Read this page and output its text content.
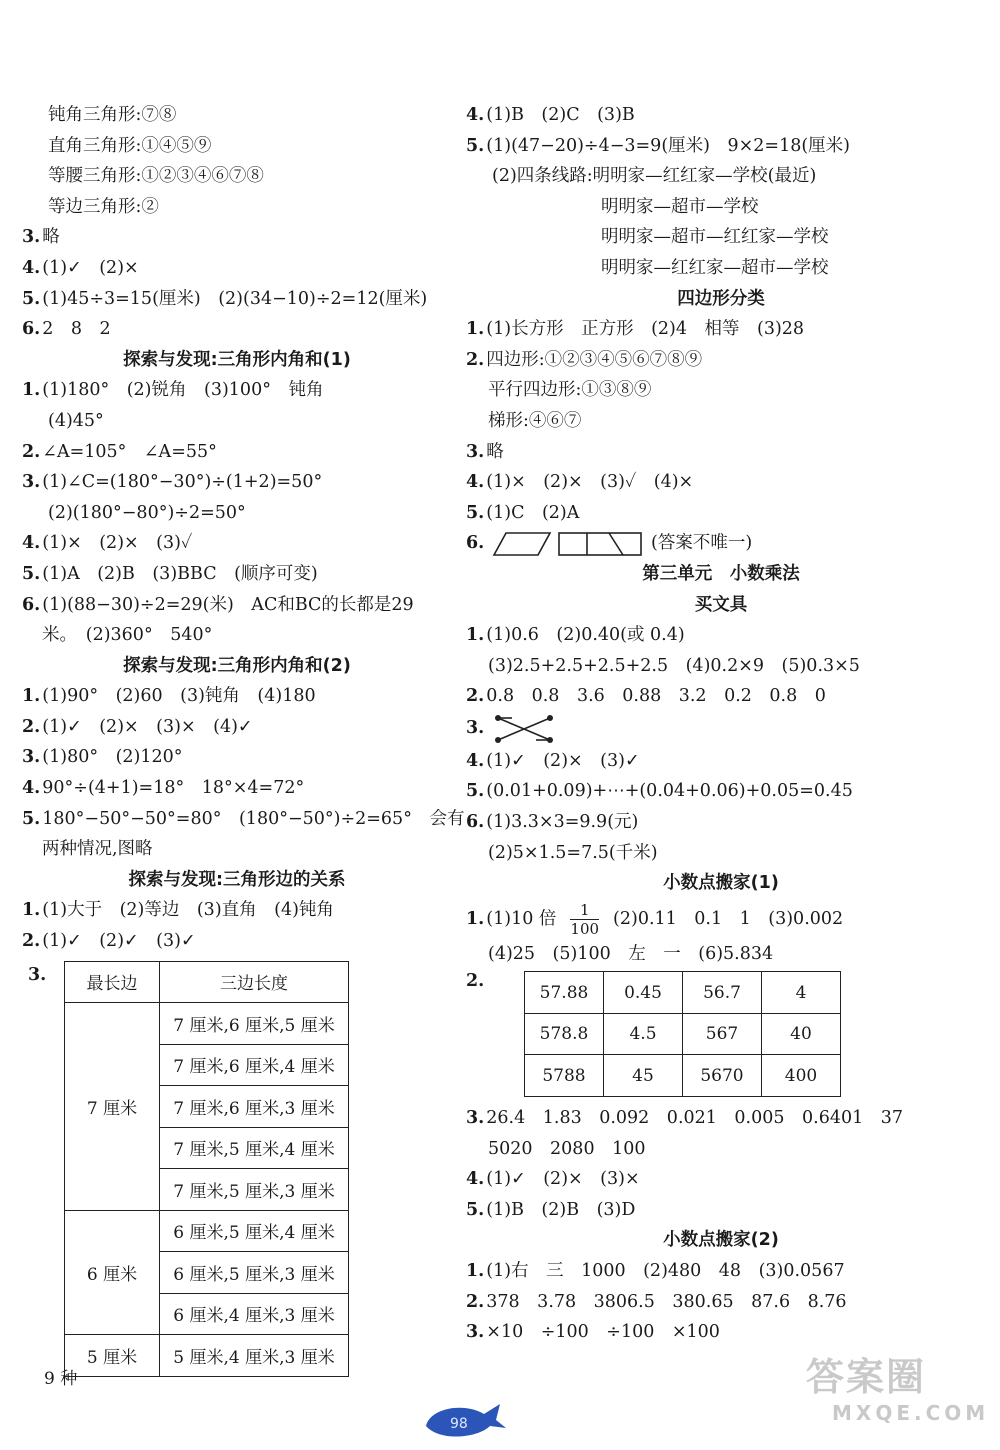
钝角三角形:⑦⑧
直角三角形:①④⑤⑨
等腰三角形:①②③④⑥⑦⑧
等边三角形:②
3. 略
4. (1)✓　(2)×
5. (1)45÷3=15(厘米)　(2)(34−10)÷2=12(厘米)
6. 2　8　2
探索与发现:三角形内角和(1)
1. (1)180°　(2)锐角　(3)100°　钝角
(4)45°
2. ∠A=105°　∠A=55°
3. (1)∠C=(180°−30°)÷(1+2)=50°
(2)(180°−80°)÷2=50°
4. (1)×　(2)×　(3)✓
5. (1)A　(2)B　(3)BBC　(顺序可变)
6. (1)(88−30)÷2=29(米)　AC和BC的长都是29
米。　(2)360°　540°
探索与发现:三角形内角和(2)
1. (1)90°　(2)60　(3)钝角　(4)180
2. (1)✓　(2)×　(3)×　(4)✓
3. (1)80°　(2)120°
4. 90°÷(4+1)=18°　18°×4=72°
5. 180°−50°−50°=80°　(180°−50°)÷2=65°　会有
两种情况,图略
探索与发现:三角形边的关系
1. (1)大于　(2)等边　(3)直角　(4)钝角
2. (1)✓　(2)✓　(3)✓
3. 最长边	三边长度
7 厘米	7 厘米,6 厘米,5 厘米
	7 厘米,6 厘米,4 厘米
	7 厘米,6 厘米,3 厘米
	7 厘米,5 厘米,4 厘米
	7 厘米,5 厘米,3 厘米
6 厘米	6 厘米,5 厘米,4 厘米
	6 厘米,5 厘米,3 厘米
	6 厘米,4 厘米,3 厘米
5 厘米	5 厘米,4 厘米,3 厘米
9 种
4. (1)B　(2)C　(3)B
5. (1)(47−20)÷4−3=9(厘米)　9×2=18(厘米)
(2)四条线路:明明家—红红家—学校(最近)
明明家—超市—学校
明明家—超市—红红家—学校
明明家—红红家—超市—学校
四边形分类
1. (1)长方形　正方形　(2)4　相等　(3)28
2. 四边形:①②③④⑤⑥⑦⑧⑨
平行四边形:①③⑧⑨
梯形:④⑥⑦
3. 略
4. (1)×　(2)×　(3)✓　(4)×
5. (1)C　(2)A
6.	(答案不唯一)
第三单元　小数乘法
买文具
1. (1)0.6　(2)0.40(或 0.4)
(3)2.5+2.5+2.5+2.5　(4)0.2×9　(5)0.3×5
2. 0.8　0.8　3.6　0.88　3.2　0.2　0.8　0
3.
4. (1)✓　(2)×　(3)✓
5. (0.01+0.09)+⋯+(0.04+0.06)+0.05=0.45
6. (1)3.3×3=9.9(元)
(2)5×1.5=7.5(千米)
小数点搬家(1)
1. (1)10 倍 $\frac{1}{100} (2)0.11$　0.1　1　(3)0.002
(4)25　(5)100　左　一　(6)5.834
2.
57.88	0.45	56.7	4
578.8	4.5	567	40
5788	45	5670	400
3. 26.4　1.83　0.092　0.021　0.005　0.6401　37
5020　2080　100
4. (1)✓　(2)×　(3)×
5. (1)B　(2)B　(3)D
小数点搬家(2)
1. (1)右　三　1000　(2)480　48　(3)0.0567
2. 378　3.78　3806.5　380.65　87.6　8.76
3. ×10　÷100　÷100　×100
98
答案圈
MXQE.COM
